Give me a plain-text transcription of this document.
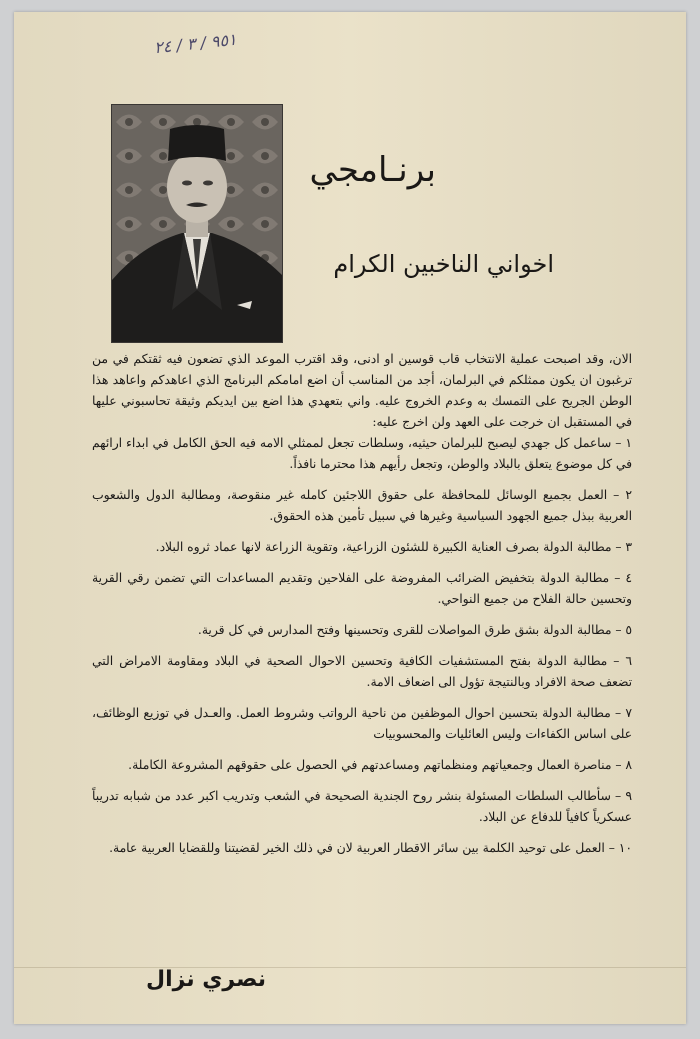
٩٥١ / ٣ / ٢٤
برنـامجي
اخواني الناخبين الكرام

الان، وقد اصبحت عملية الانتخاب قاب قوسين او ادنى، وقد اقترب الموعد الذي تضعون فيه ثقتكم في من ترغبون ان يكون ممثلكم في البرلمان، أجد من المناسب أن اضع امامكم البرنامج الذي اعاهدكم واعاهد هذا الوطن الجريح على التمسك به وعدم الخروج عليه. واني بتعهدي هذا اضع بين ايديكم وثيقة تحاسبوني عليها في المستقبل ان خرجت على العهد ولن اخرج عليه:

١ – ساعمل كل جهدي ليصبح للبرلمان حيثيه، وسلطات تجعل لممثلي الامه فيه الحق الكامل في ابداء ارائهم في كل موضوع يتعلق بالبلاد والوطن، وتجعل رأيهم هذا محترما نافذاً.

٢ – العمل بجميع الوسائل للمحافظة على حقوق اللاجئين كامله غير منقوصة، ومطالبة الدول والشعوب العربية ببذل جميع الجهود السياسية وغيرها في سبيل تأمين هذه الحقوق.

٣ – مطالبة الدولة بصرف العناية الكبيرة للشئون الزراعية، وتقوية الزراعة لانها عماد ثروه البلاد.

٤ – مطالبة الدولة بتخفيض الضرائب المفروضة على الفلاحين وتقديم المساعدات التي تضمن رقي القرية وتحسين حالة الفلاح من جميع النواحي.

٥ – مطالبة الدولة بشق طرق المواصلات للقرى وتحسينها وفتح المدارس في كل قرية.

٦ – مطالبة الدولة بفتح المستشفيات الكافية وتحسين الاحوال الصحية في البلاد ومقاومة الامراض التي تضعف صحة الافراد وبالنتيجة تؤول الى اضعاف الامة.

٧ – مطالبة الدولة بتحسين احوال الموظفين من ناحية الرواتب وشروط العمل. والعـدل في توزيع الوظائف، على اساس الكفاءات وليس العائليات والمحسوبيات

٨ – مناصرة العمال وجمعياتهم ومنظماتهم ومساعدتهم في الحصول على حقوقهم المشروعة الكاملة.

٩ – سأطالب السلطات المسئولة بنشر روح الجندية الصحيحة في الشعب وتدريب اكبر عدد من شبابه تدريباً عسكرياً كافياً للدفاع عن البلاد.

١٠ – العمل على توحيد الكلمة بين سائر الاقطار العربية لان في ذلك الخير لقضيتنا وللقضايا العربية عامة.

نصري نزال
